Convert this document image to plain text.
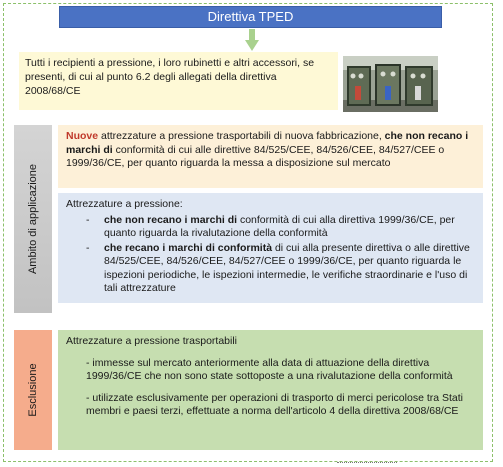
Direttiva TPED
Tutti i recipienti a pressione, i loro rubinetti e altri accessori, se presenti, di cui al punto 6.2 degli allegati della direttiva 2008/68/CE
Ambito di applicazione
Esclusione
Nuove attrezzature a pressione trasportabili di nuova fabbricazione, che non recano i marchi di conformità di cui alle direttive 84/525/CEE, 84/526/CEE, 84/527/CEE o 1999/36/CE, per quanto riguarda la messa a disposizione sul mercato
Attrezzature a pressione:
- che non recano i marchi di conformità di cui alla direttiva 1999/36/CE, per quanto riguarda la rivalutazione della conformità
- che recano i marchi di conformità di cui alla presente direttiva o alle direttive 84/525/CEE, 84/526/CEE, 84/527/CEE o 1999/36/CE, per quanto riguarda le ispezioni periodiche, le ispezioni intermedie, le verifiche straordinarie e l'uso di tali attrezzature
Attrezzature a pressione trasportabili
- immesse sul mercato anteriormente alla data di attuazione della direttiva 1999/36/CE che non sono state sottoposte a una rivalutazione della conformità
- utilizzate esclusivamente per operazioni di trasporto di merci pericolose tra Stati membri e paesi terzi, effettuate a norma dell'articolo 4 della direttiva 2008/68/CE
